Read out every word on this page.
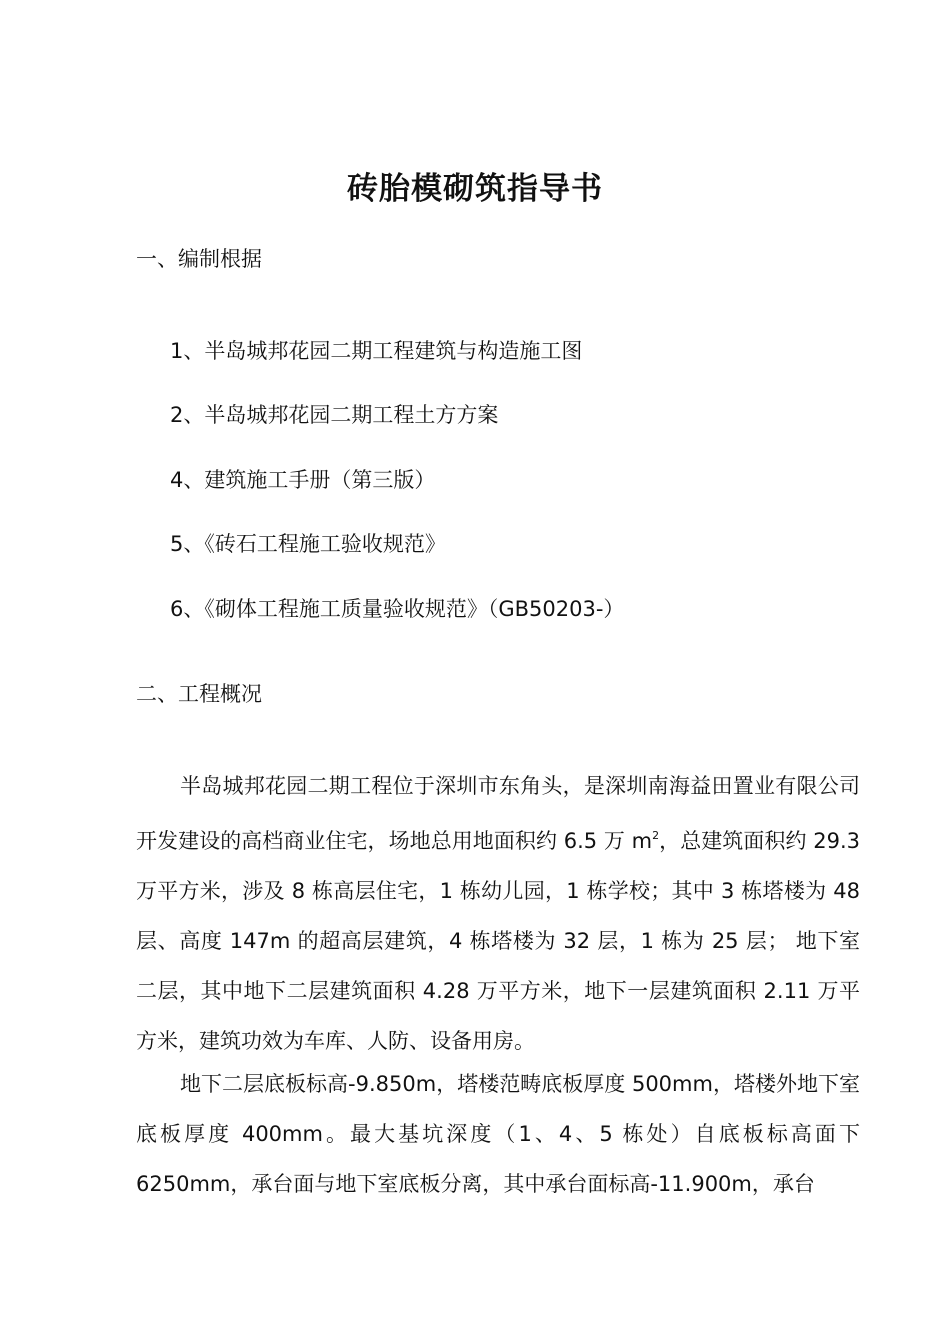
砖胎模砌筑指导书
一、编制根据
1、半岛城邦花园二期工程建筑与构造施工图
2、半岛城邦花园二期工程土方方案
4、建筑施工手册（第三版）
5、《砖石工程施工验收规范》
6、《砌体工程施工质量验收规范》（GB50203-）
二、工程概况

半岛城邦花园二期工程位于深圳市东角头，是深圳南海益田置业有限公司开发建设的高档商业住宅，场地总用地面积约 6.5 万 $m^2$，总建筑面积约 29.3 万平方米，涉及 8 栋高层住宅，1 栋幼儿园，1 栋学校；其中 3 栋塔楼为 48 层、高度 147m 的超高层建筑，4 栋塔楼为 32 层，1 栋为 25 层； 地下室二层，其中地下二层建筑面积 4.28 万平方米，地下一层建筑面积 2.11 万平方米，建筑功效为车库、人防、设备用房。

地下二层底板标高-9.850m，塔楼范畴底板厚度 500mm，塔楼外地下室底板厚度 400mm。最大基坑深度（1、4、5 栋处）自底板标高面下 6250mm，承台面与地下室底板分离，其中承台面标高-11.900m，承台
